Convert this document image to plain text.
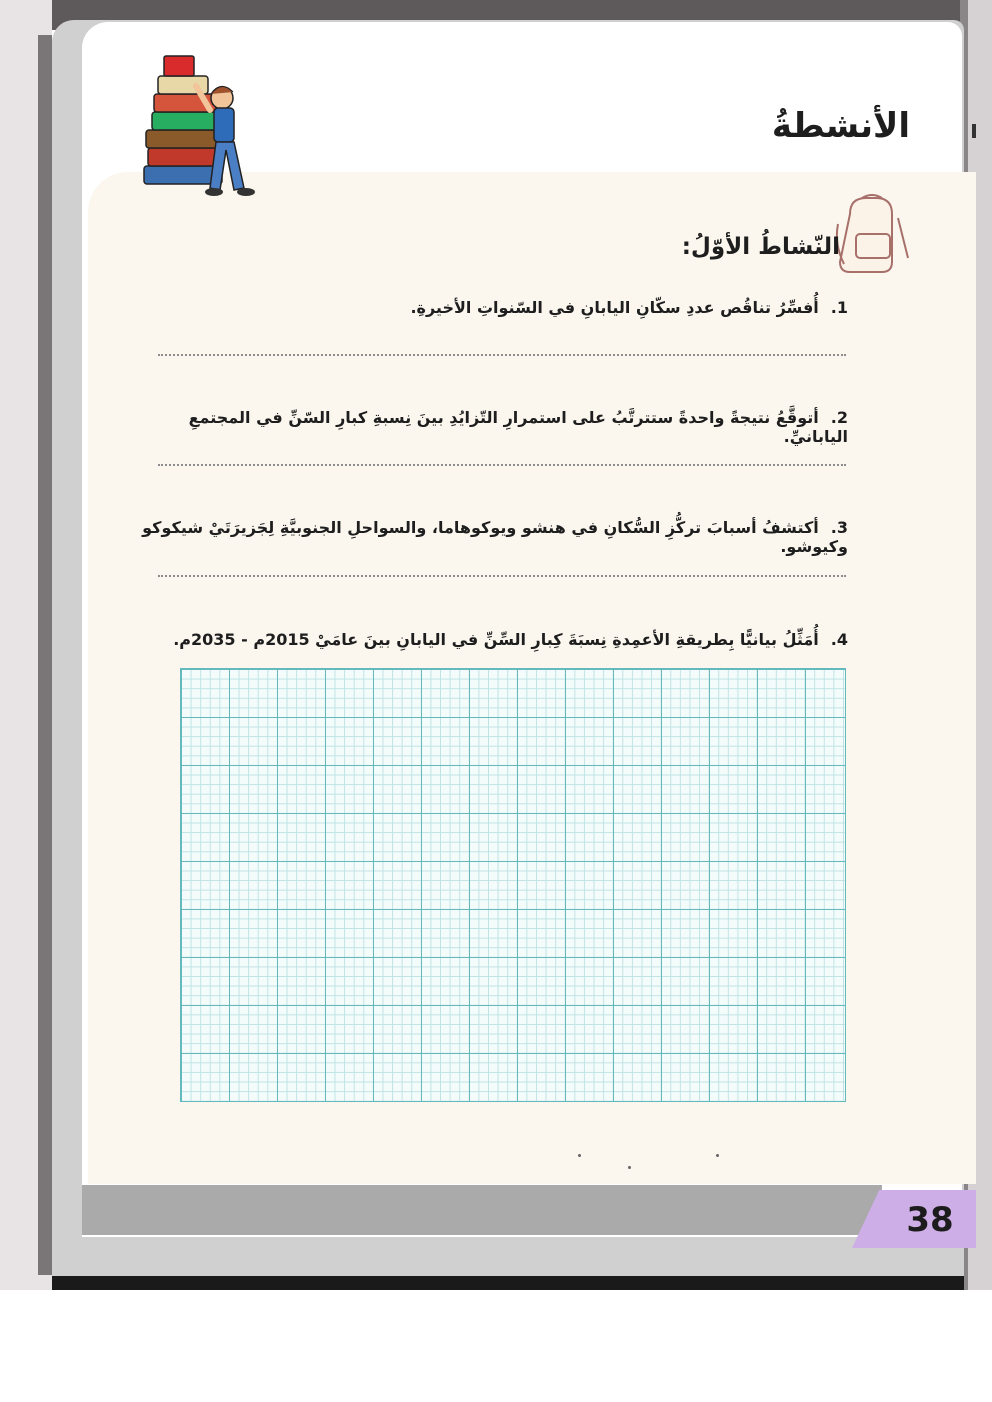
الأنشطةُ
النّشاطُ الأوّلُ:
1.أُفسِّرُ تناقُص عددِ سكّانِ اليابانِ في السّنواتِ الأخيرةِ.
2.أتوقَّعُ نتيجةً واحدةً ستترتَّبُ على استمرارِ التّزايُدِ بينَ نِسبةِ كبارِ السّنِّ في المجتمعِ اليابانيِّ.
3.أكتشفُ أسبابَ تركُّزِ السُّكانِ في هنشو ويوكوهاما، والسواحلِ الجنوبيَّةِ لِجَزيرَتَيْ شيكوكو وكيوشو.
4.أُمَثِّلُ بيانيًّا بِطريقةِ الأعمِدةِ نِسبَةَ كِبارِ السِّنِّ في اليابانِ بينَ عامَيْ 2015م - 2035م.
38
